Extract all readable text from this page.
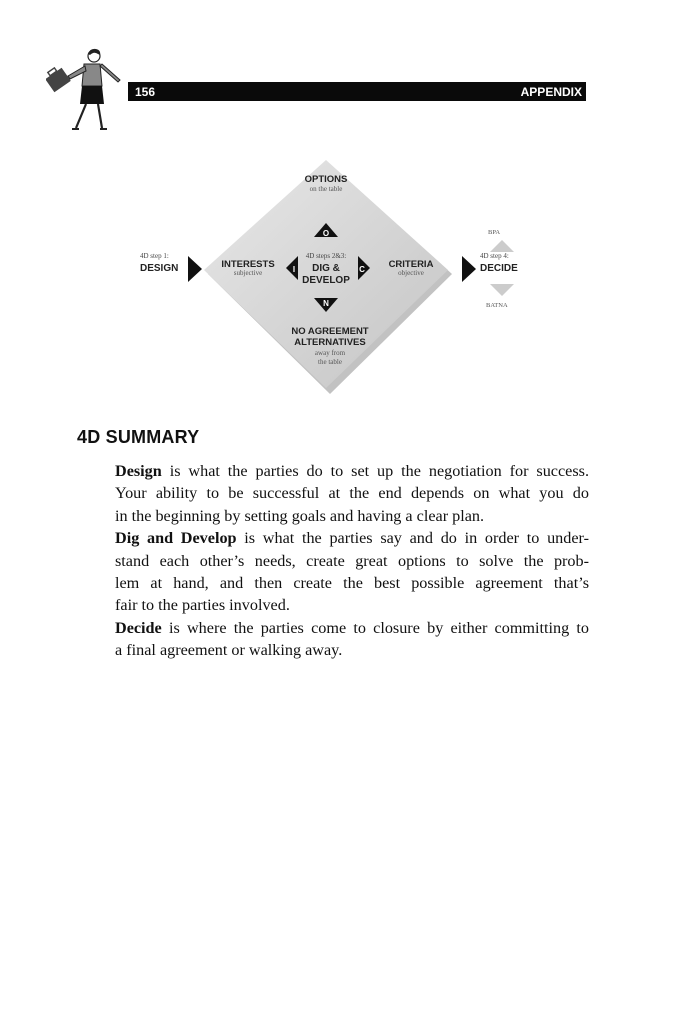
156	APPENDIX
OPTIONS
on the table
O
4D steps 2&3:
DIG &
DEVELOP
I	C
N
INTERESTS
subjective
CRITERIA
objective
NO AGREEMENT
ALTERNATIVES
away from
the table
4D step 1:
DESIGN
BPA
4D step 4:
DECIDE
BATNA
4D SUMMARY

Design is what the parties do to set up the negotiation for success.
Your ability to be successful at the end depends on what you do
in the beginning by setting goals and having a clear plan.

Dig and Develop is what the parties say and do in order to under-
stand each other’s needs, create great options to solve the prob-
lem at hand, and then create the best possible agreement that’s
fair to the parties involved.

Decide is where the parties come to closure by either committing to
a final agreement or walking away.
